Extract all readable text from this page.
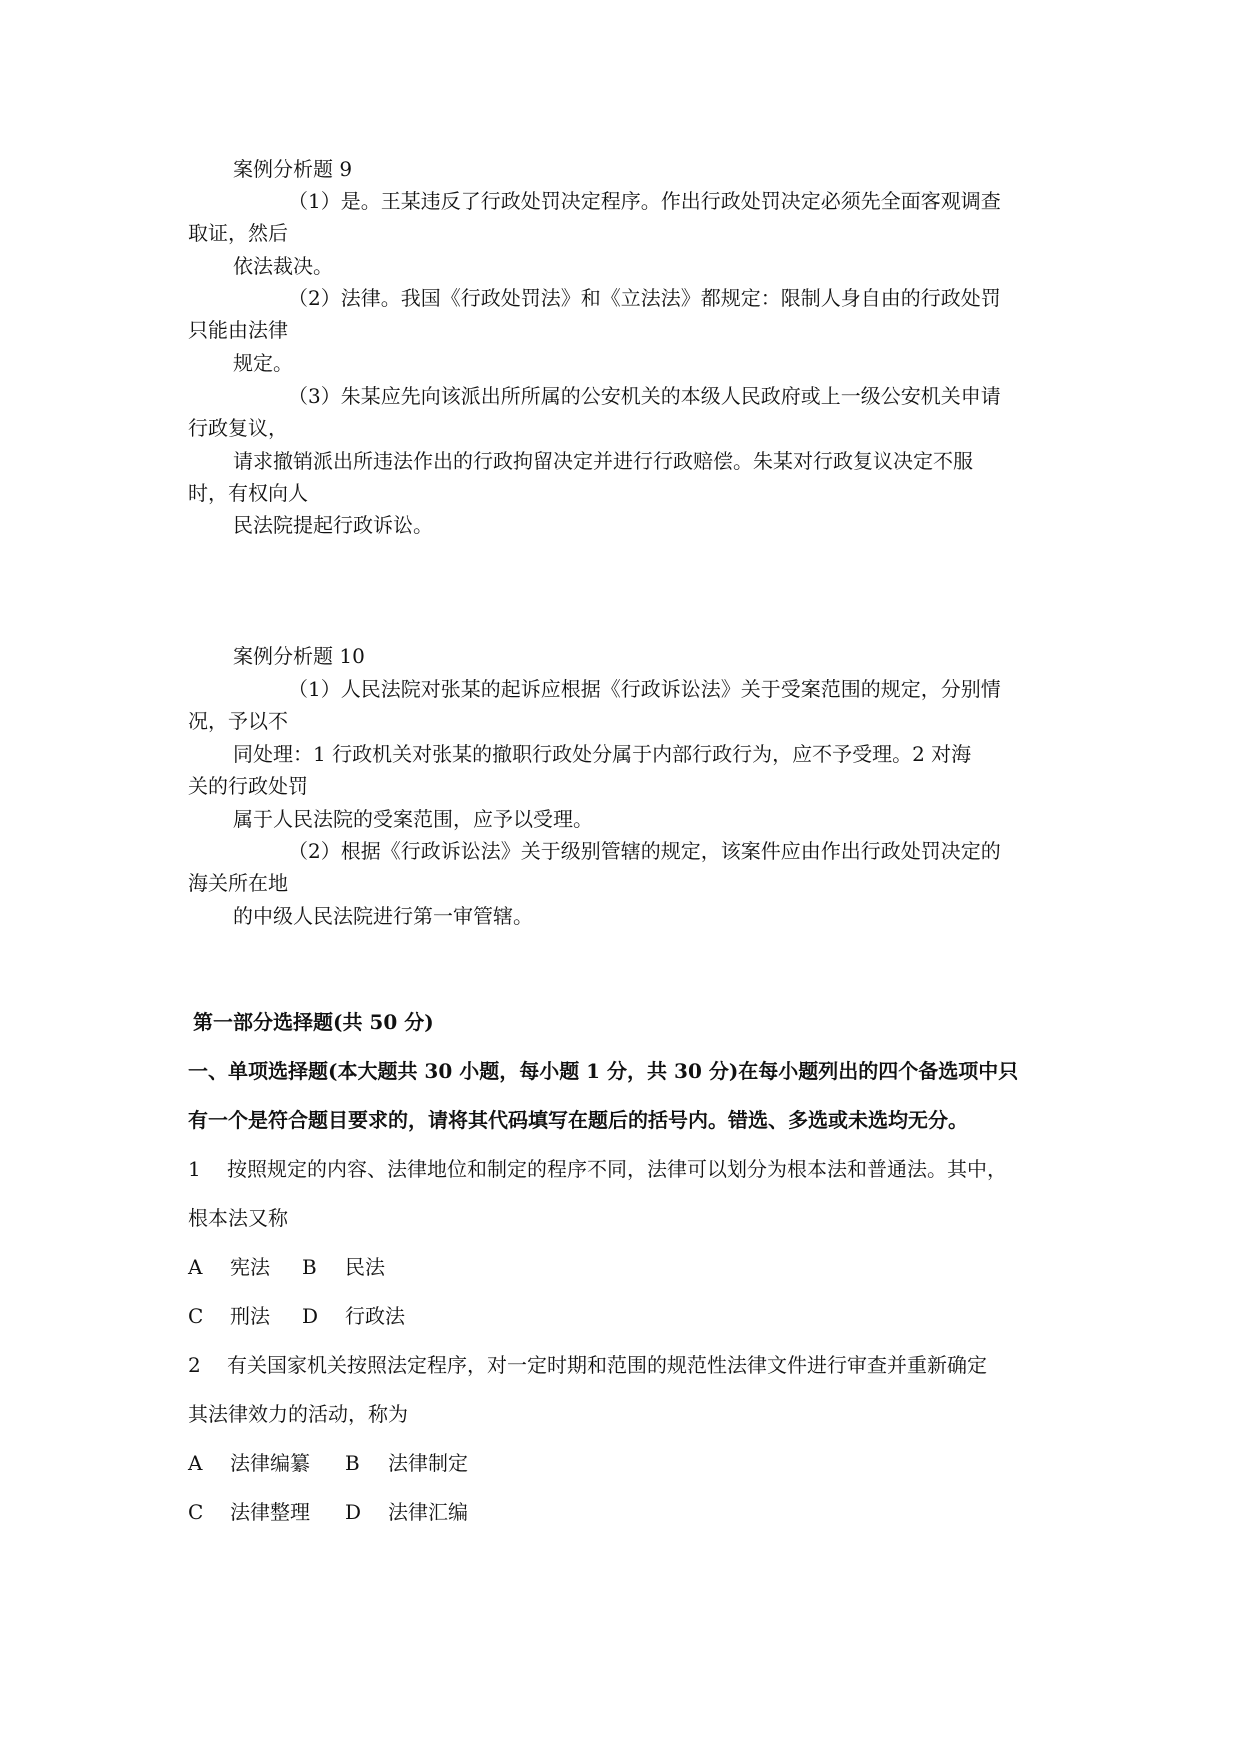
案例分析题 9
（1）是。王某违反了行政处罚决定程序。作出行政处罚决定必须先全面客观调查
取证，然后
依法裁决。
（2）法律。我国《行政处罚法》和《立法法》都规定：限制人身自由的行政处罚
只能由法律
规定。
（3）朱某应先向该派出所所属的公安机关的本级人民政府或上一级公安机关申请
行政复议，
请求撤销派出所违法作出的行政拘留决定并进行行政赔偿。朱某对行政复议决定不服
时，有权向人
民法院提起行政诉讼。
案例分析题 10
（1）人民法院对张某的起诉应根据《行政诉讼法》关于受案范围的规定，分别情
况，予以不
同处理：1 行政机关对张某的撤职行政处分属于内部行政行为，应不予受理。2 对海
关的行政处罚
属于人民法院的受案范围，应予以受理。
（2）根据《行政诉讼法》关于级别管辖的规定，该案件应由作出行政处罚决定的
海关所在地
的中级人民法院进行第一审管辖。
第一部分选择题(共 50 分)
一、单项选择题(本大题共 30 小题，每小题 1 分，共 30 分)在每小题列出的四个备选项中只
有一个是符合题目要求的，请将其代码填写在题后的括号内。错选、多选或未选均无分。
1 按照规定的内容、法律地位和制定的程序不同，法律可以划分为根本法和普通法。其中，
根本法又称
A 宪法 B 民法
C 刑法 D 行政法
2 有关国家机关按照法定程序，对一定时期和范围的规范性法律文件进行审查并重新确定
其法律效力的活动，称为
A 法律编纂 B 法律制定
C 法律整理 D 法律汇编
